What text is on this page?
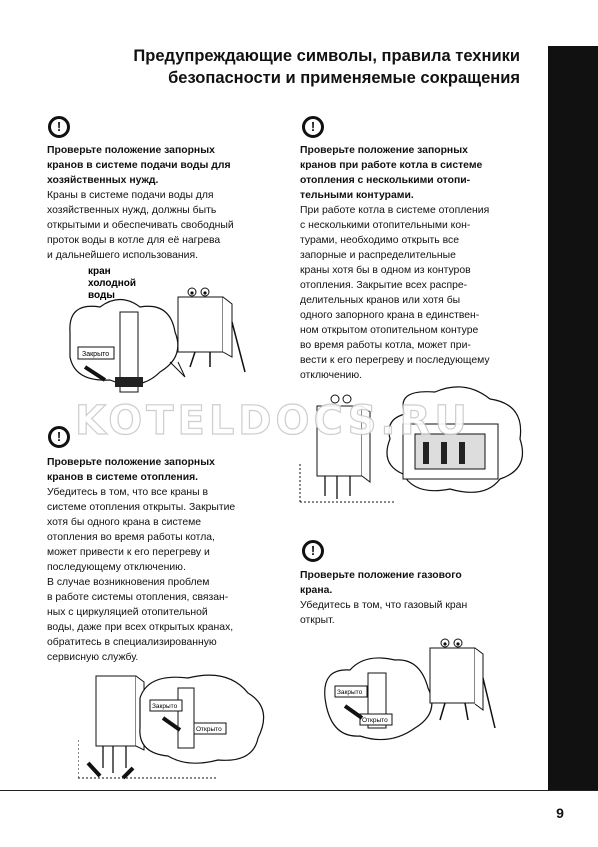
9
Предупреждающие символы, правила техники
безопасности и применяемые сокращения
!
Проверьте положение запорных
кранов в системе подачи воды для
хозяйственных нужд.
Краны в системе подачи воды для
хозяйственных нужд, должны быть
открытыми и обеспечивать свободный
проток воды в котле для её нагрева
и дальнейшего использования.
кран
холодной
воды
Закрыто
!
Проверьте положение запорных
кранов в системе отопления.
Убедитесь в том, что все краны в
системе отопления открыты. Закрытие
хотя бы одного крана в системе
отопления во время работы котла,
может привести к его перегреву и
последующему отключению.
В случае возникновения проблем
в работе системы отопления, связан-
ных с циркуляцией отопительной
воды, даже при всех открытых кранах,
обратитесь в специализированную
сервисную службу.
Закрыто
Открыто
!
Проверьте положение запорных
кранов при работе котла в системе
отопления с несколькими отопи-
тельными контурами.
При работе котла в системе отопления
с несколькими отопительными кон-
турами, необходимо открыть все
запорные и распределительные
краны хотя бы в одном из контуров
отопления. Закрытие всех распре-
делительных кранов или хотя бы
одного запорного крана в единствен-
ном открытом отопительном контуре
во время работы котла, может при-
вести к его перегреву и последующему
отключению.
KOTELDOCS.RU
!
Проверьте положение газового
крана.
Убедитесь в том, что газовый кран
открыт.
Закрыто
Открыто
